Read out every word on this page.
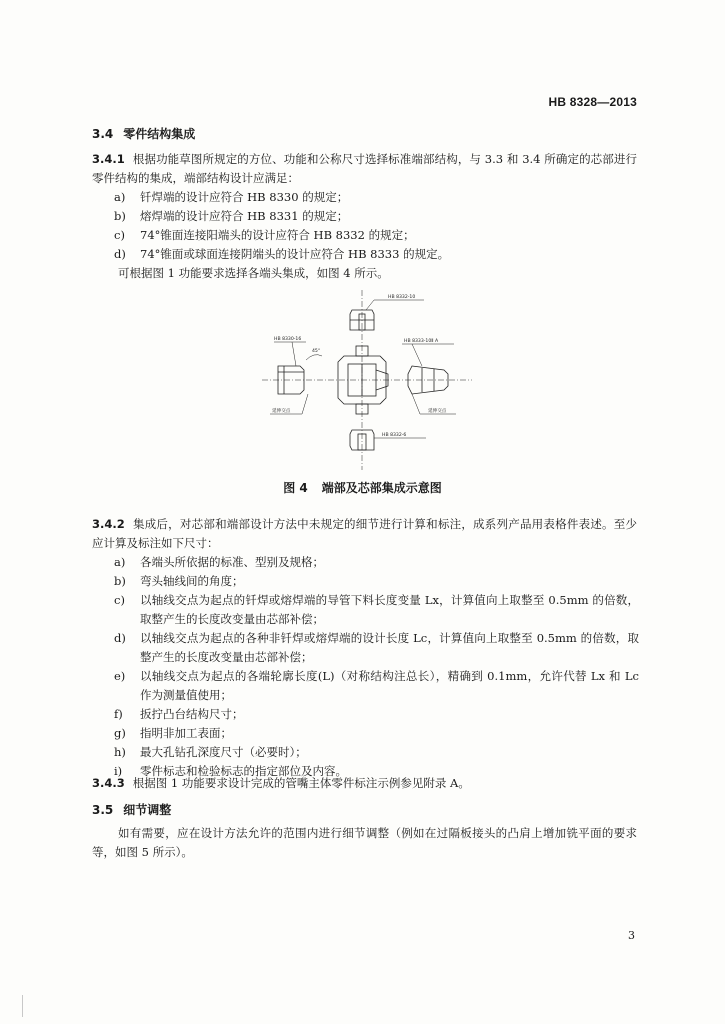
HB 8328—2013
3.4 零件结构集成
3.4.1 根据功能草图所规定的方位、功能和公称尺寸选择标准端部结构，与 3.3 和 3.4 所确定的芯部进行零件结构的集成，端部结构设计应满足：
a)	钎焊端的设计应符合 HB 8330 的规定；
b)	熔焊端的设计应符合 HB 8331 的规定；
c)	74°锥面连接阳端头的设计应符合 HB 8332 的规定；
d)	74°锥面或球面连接阴端头的设计应符合 HB 8333 的规定。
可根据图 1 功能要求选择各端头集成，如图 4 所示。
HB 8332-10
HB 8330-16	HB 8333-10Ⅱ A
HB 8332-6
45°
延伸交点	延伸交点
图 4 端部及芯部集成示意图
3.4.2 集成后，对芯部和端部设计方法中未规定的细节进行计算和标注，成系列产品用表格件表述。至少应计算及标注如下尺寸：
a)	各端头所依据的标准、型别及规格；
b)	弯头轴线间的角度；
c)	以轴线交点为起点的钎焊或熔焊端的导管下料长度变量 Lx，计算值向上取整至 0.5mm 的倍数，取整产生的长度改变量由芯部补偿；
d)	以轴线交点为起点的各种非钎焊或熔焊端的设计长度 Lc，计算值向上取整至 0.5mm 的倍数，取整产生的长度改变量由芯部补偿；
e)	以轴线交点为起点的各端轮廓长度(L)（对称结构注总长），精确到 0.1mm，允许代替 Lx 和 Lc 作为测量值使用；
f)	扳拧凸台结构尺寸；
g)	指明非加工表面；
h)	最大孔钻孔深度尺寸（必要时）；
i)	零件标志和检验标志的指定部位及内容。
3.4.3 根据图 1 功能要求设计完成的管嘴主体零件标注示例参见附录 A。
3.5 细节调整
如有需要，应在设计方法允许的范围内进行细节调整（例如在过隔板接头的凸肩上增加铣平面的要求等，如图 5 所示）。
3
